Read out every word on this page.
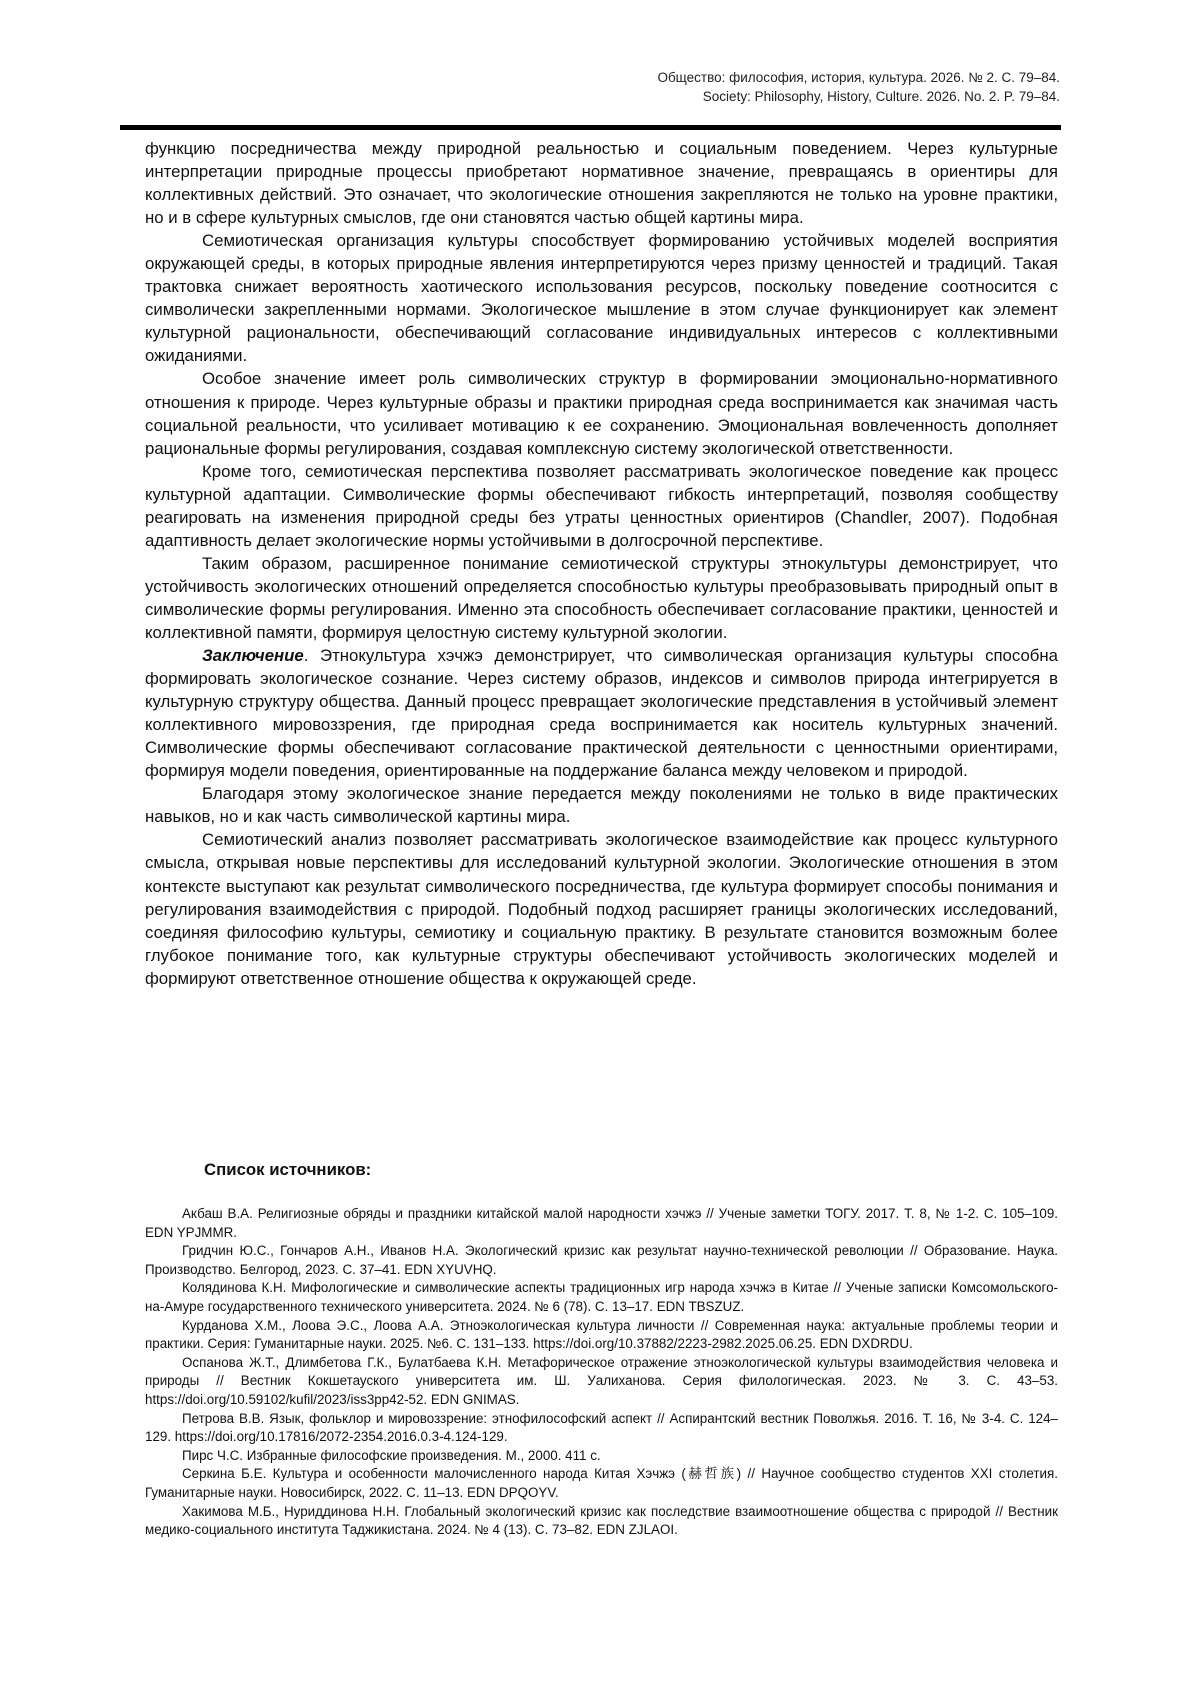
Общество: философия, история, культура. 2026. № 2. С. 79–84.
Society: Philosophy, History, Culture. 2026. No. 2. P. 79–84.

функцию посредничества между природной реальностью и социальным поведением. Через культурные интерпретации природные процессы приобретают нормативное значение, превращаясь в ориентиры для коллективных действий. Это означает, что экологические отношения закрепляются не только на уровне практики, но и в сфере культурных смыслов, где они становятся частью общей картины мира.

Семиотическая организация культуры способствует формированию устойчивых моделей восприятия окружающей среды, в которых природные явления интерпретируются через призму ценностей и традиций. Такая трактовка снижает вероятность хаотического использования ресурсов, поскольку поведение соотносится с символически закрепленными нормами. Экологическое мышление в этом случае функционирует как элемент культурной рациональности, обеспечивающий согласование индивидуальных интересов с коллективными ожиданиями.

Особое значение имеет роль символических структур в формировании эмоционально-нормативного отношения к природе. Через культурные образы и практики природная среда воспринимается как значимая часть социальной реальности, что усиливает мотивацию к ее сохранению. Эмоциональная вовлеченность дополняет рациональные формы регулирования, создавая комплексную систему экологической ответственности.

Кроме того, семиотическая перспектива позволяет рассматривать экологическое поведение как процесс культурной адаптации. Символические формы обеспечивают гибкость интерпретаций, позволяя сообществу реагировать на изменения природной среды без утраты ценностных ориентиров (Chandler, 2007). Подобная адаптивность делает экологические нормы устойчивыми в долгосрочной перспективе.

Таким образом, расширенное понимание семиотической структуры этнокультуры демонстрирует, что устойчивость экологических отношений определяется способностью культуры преобразовывать природный опыт в символические формы регулирования. Именно эта способность обеспечивает согласование практики, ценностей и коллективной памяти, формируя целостную систему культурной экологии.

Заключение. Этнокультура хэчжэ демонстрирует, что символическая организация культуры способна формировать экологическое сознание. Через систему образов, индексов и символов природа интегрируется в культурную структуру общества. Данный процесс превращает экологические представления в устойчивый элемент коллективного мировоззрения, где природная среда воспринимается как носитель культурных значений. Символические формы обеспечивают согласование практической деятельности с ценностными ориентирами, формируя модели поведения, ориентированные на поддержание баланса между человеком и природой.

Благодаря этому экологическое знание передается между поколениями не только в виде практических навыков, но и как часть символической картины мира.

Семиотический анализ позволяет рассматривать экологическое взаимодействие как процесс культурного смысла, открывая новые перспективы для исследований культурной экологии. Экологические отношения в этом контексте выступают как результат символического посредничества, где культура формирует способы понимания и регулирования взаимодействия с природой. Подобный подход расширяет границы экологических исследований, соединяя философию культуры, семиотику и социальную практику. В результате становится возможным более глубокое понимание того, как культурные структуры обеспечивают устойчивость экологических моделей и формируют ответственное отношение общества к окружающей среде.

Список источников:

Акбаш В.А. Религиозные обряды и праздники китайской малой народности хэчжэ // Ученые заметки ТОГУ. 2017. Т. 8, № 1-2. С. 105–109. EDN YPJMMR.

Гридчин Ю.С., Гончаров А.Н., Иванов Н.А. Экологический кризис как результат научно-технической революции // Образование. Наука. Производство. Белгород, 2023. С. 37–41. EDN XYUVHQ.

Колядинова К.Н. Мифологические и символические аспекты традиционных игр народа хэчжэ в Китае // Ученые записки Комсомольского-на-Амуре государственного технического университета. 2024. № 6 (78). С. 13–17. EDN TBSZUZ.

Курданова Х.М., Лоова Э.С., Лоова А.А. Этноэкологическая культура личности // Современная наука: актуальные проблемы теории и практики. Серия: Гуманитарные науки. 2025. №6. С. 131–133. https://doi.org/10.37882/2223-2982.2025.06.25. EDN DXDRDU.

Оспанова Ж.Т., Длимбетова Г.К., Булатбаева К.Н. Метафорическое отражение этноэкологической культуры взаимодействия человека и природы // Вестник Кокшетауского университета им. Ш. Уалиханова. Серия филологическая. 2023. № 3. С. 43–53. https://doi.org/10.59102/kufil/2023/iss3pp42-52. EDN GNIMAS.

Петрова В.В. Язык, фольклор и мировоззрение: этнофилософский аспект // Аспирантский вестник Поволжья. 2016. Т. 16, № 3-4. С. 124–129. https://doi.org/10.17816/2072-2354.2016.0.3-4.124-129.

Пирс Ч.С. Избранные философские произведения. М., 2000. 411 с.

Серкина Б.Е. Культура и особенности малочисленного народа Китая Хэчжэ (赫哲族) // Научное сообщество студентов XXI столетия. Гуманитарные науки. Новосибирск, 2022. С. 11–13. EDN DPQOYV.

Хакимова М.Б., Нуриддинова Н.Н. Глобальный экологический кризис как последствие взаимоотношение общества с природой // Вестник медико-социального института Таджикистана. 2024. № 4 (13). С. 73–82. EDN ZJLAOI.
